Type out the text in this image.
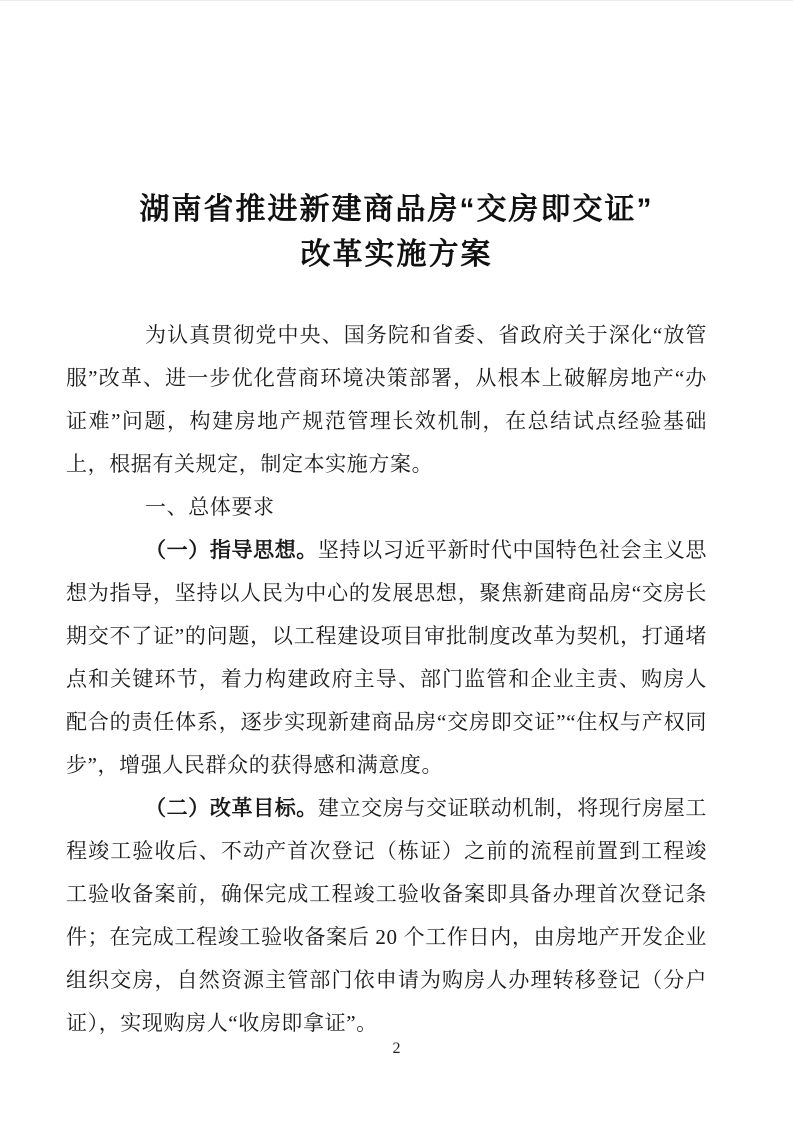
湖南省推进新建商品房“交房即交证”
改革实施方案

为认真贯彻党中央、国务院和省委、省政府关于深化“放管服”改革、进一步优化营商环境决策部署，从根本上破解房地产“办证难”问题，构建房地产规范管理长效机制，在总结试点经验基础上，根据有关规定，制定本实施方案。

一、总体要求

（一）指导思想。坚持以习近平新时代中国特色社会主义思想为指导，坚持以人民为中心的发展思想，聚焦新建商品房“交房长期交不了证”的问题，以工程建设项目审批制度改革为契机，打通堵点和关键环节，着力构建政府主导、部门监管和企业主责、购房人配合的责任体系，逐步实现新建商品房“交房即交证”“住权与产权同步”，增强人民群众的获得感和满意度。

（二）改革目标。建立交房与交证联动机制，将现行房屋工程竣工验收后、不动产首次登记（栋证）之前的流程前置到工程竣工验收备案前，确保完成工程竣工验收备案即具备办理首次登记条件；在完成工程竣工验收备案后 20 个工作日内，由房地产开发企业组织交房，自然资源主管部门依申请为购房人办理转移登记（分户证），实现购房人“收房即拿证”。

2
